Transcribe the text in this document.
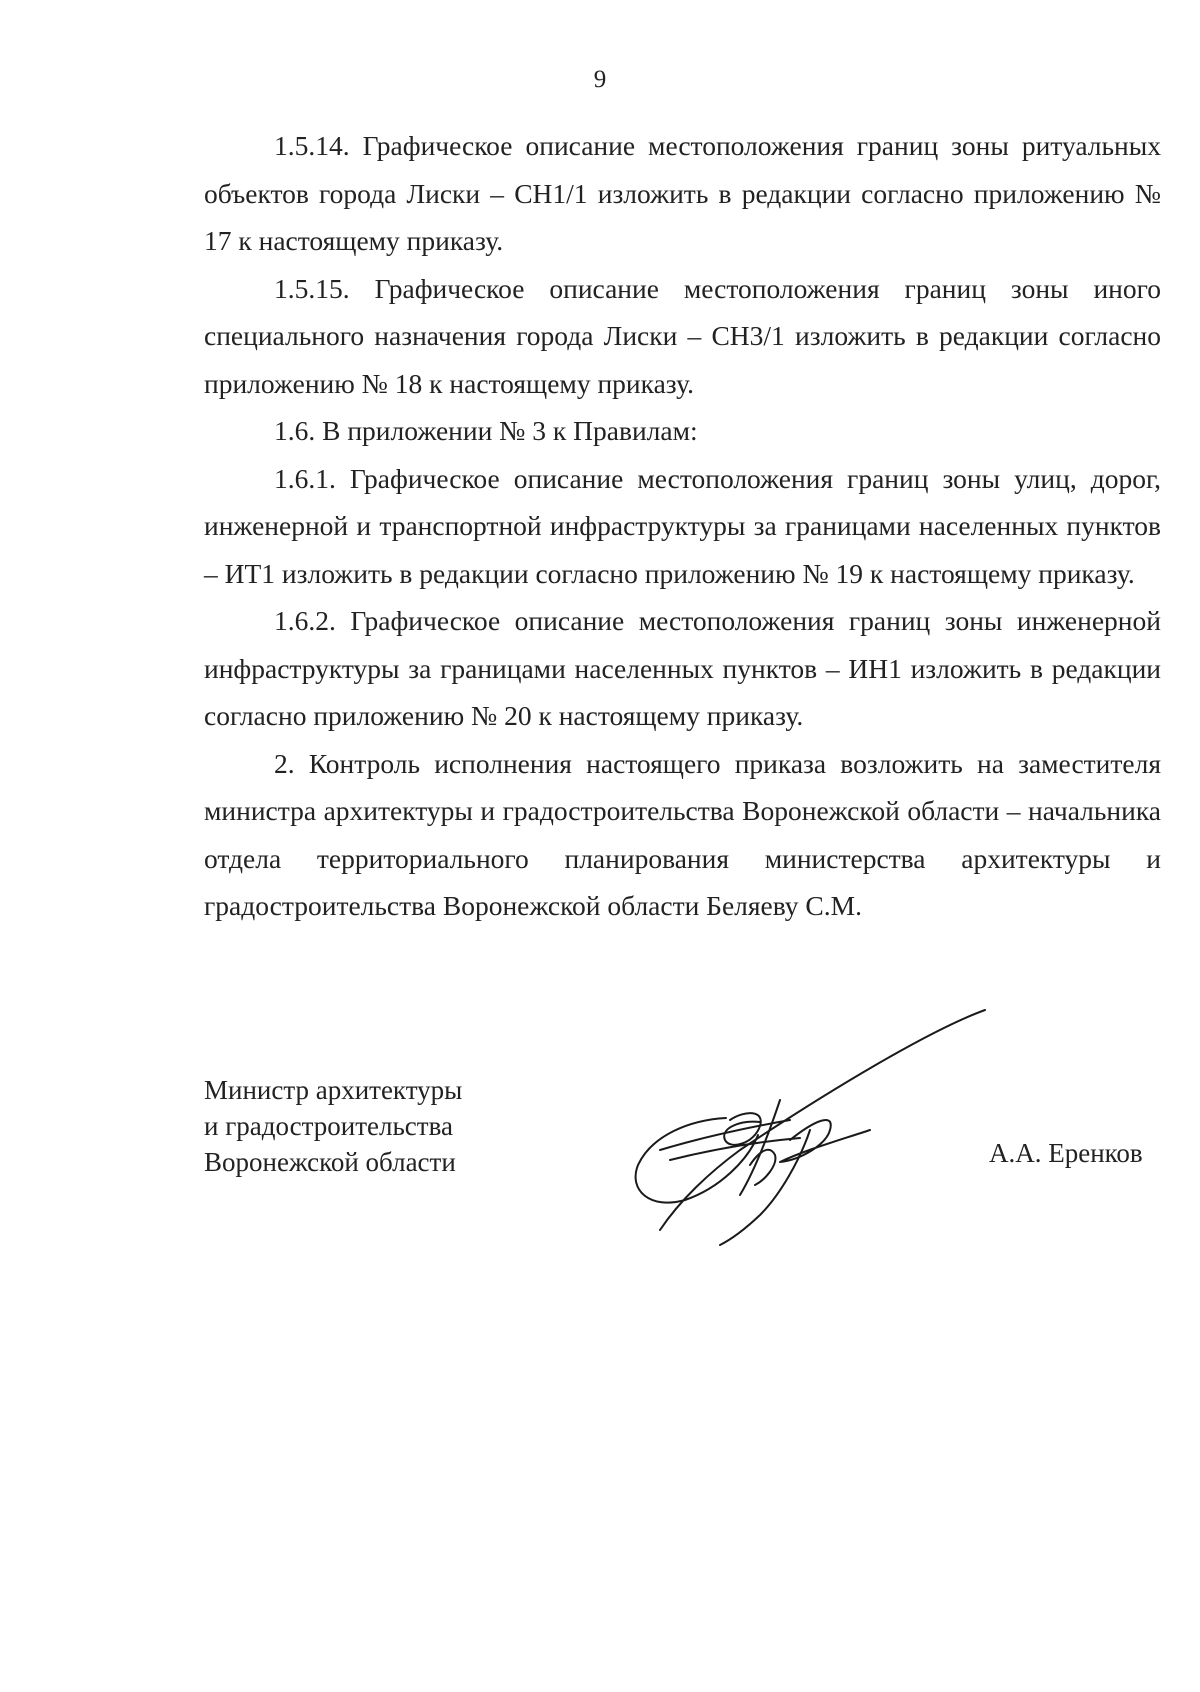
9

1.5.14. Графическое описание местоположения границ зоны ритуальных объектов города Лиски – СН1/1 изложить в редакции согласно приложению № 17 к настоящему приказу.

1.5.15. Графическое описание местоположения границ зоны иного специального назначения города Лиски – СН3/1 изложить в редакции согласно приложению № 18 к настоящему приказу.

1.6. В приложении № 3 к Правилам:

1.6.1. Графическое описание местоположения границ зоны улиц, дорог, инженерной и транспортной инфраструктуры за границами населенных пунктов – ИТ1 изложить в редакции согласно приложению № 19 к настоящему приказу.

1.6.2. Графическое описание местоположения границ зоны инженерной инфраструктуры за границами населенных пунктов – ИН1 изложить в редакции согласно приложению № 20 к настоящему приказу.

2. Контроль исполнения настоящего приказа возложить на заместителя министра архитектуры и градостроительства Воронежской области – начальника отдела территориального планирования министерства архитектуры и градостроительства Воронежской области Беляеву С.М.

Министр архитектуры
и градостроительства
Воронежской области	А.А. Еренков
